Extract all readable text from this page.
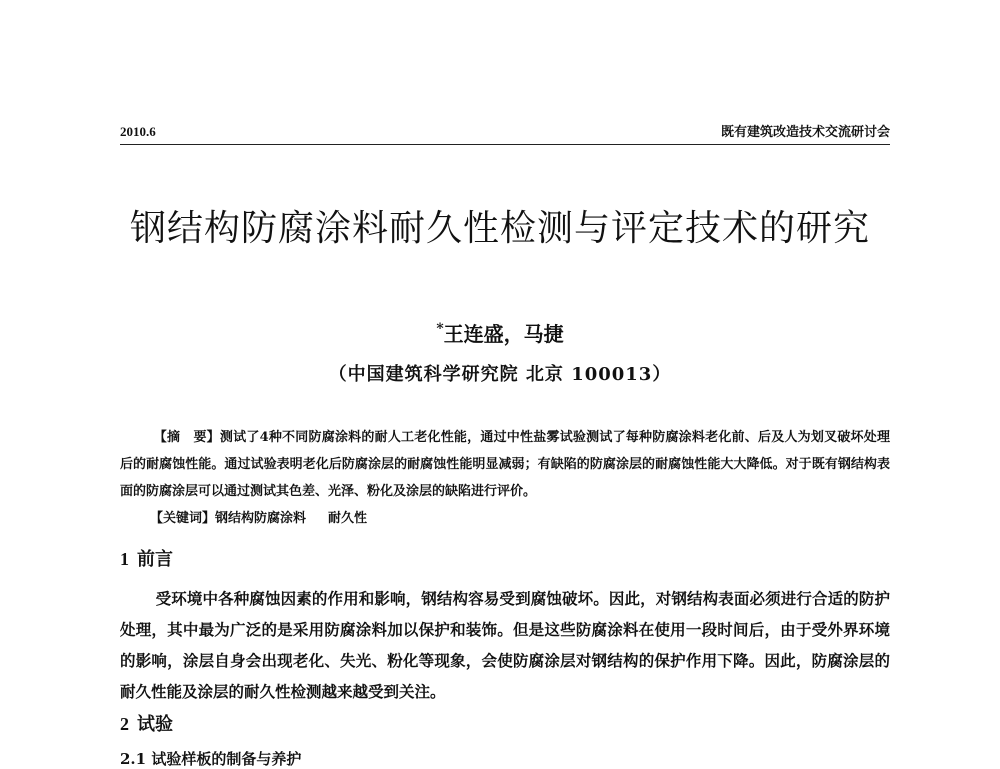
2010.6	既有建筑改造技术交流研讨会
钢结构防腐涂料耐久性检测与评定技术的研究
*王连盛，马捷
（中国建筑科学研究院 北京 100013）
【摘　要】测试了4种不同防腐涂料的耐人工老化性能，通过中性盐雾试验测试了每种防腐涂料老化前、后及人为划叉破坏处理后的耐腐蚀性能。通过试验表明老化后防腐涂层的耐腐蚀性能明显减弱；有缺陷的防腐涂层的耐腐蚀性能大大降低。对于既有钢结构表面的防腐涂层可以通过测试其色差、光泽、粉化及涂层的缺陷进行评价。
【关键词】钢结构防腐涂料 耐久性
1 前言
受环境中各种腐蚀因素的作用和影响，钢结构容易受到腐蚀破坏。因此，对钢结构表面必须进行合适的防护处理，其中最为广泛的是采用防腐涂料加以保护和装饰。但是这些防腐涂料在使用一段时间后，由于受外界环境的影响，涂层自身会出现老化、失光、粉化等现象，会使防腐涂层对钢结构的保护作用下降。因此，防腐涂层的耐久性能及涂层的耐久性检测越来越受到关注。
2 试验
2.1 试验样板的制备与养护
